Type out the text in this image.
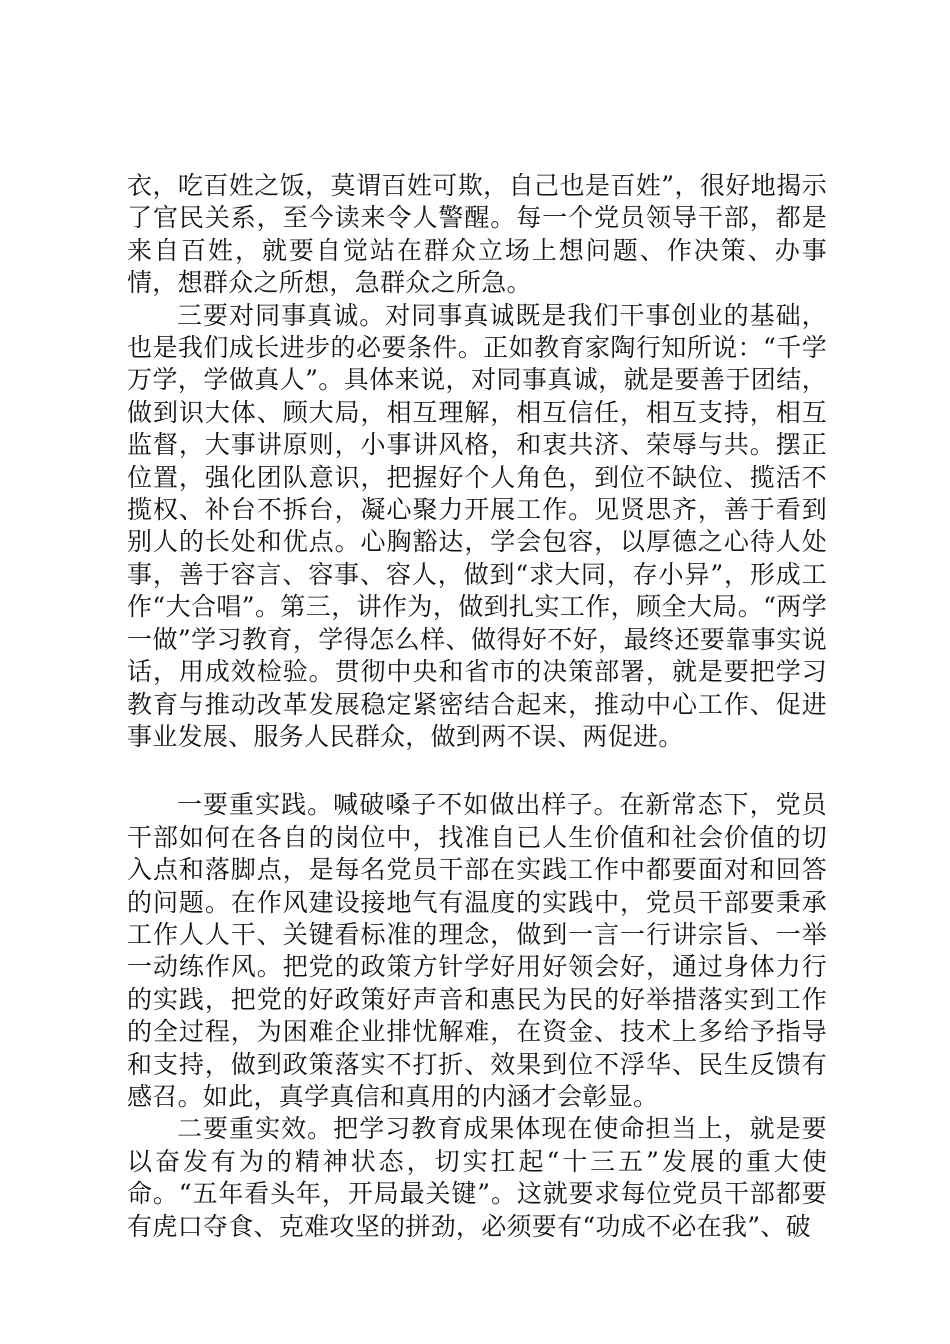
衣，吃百姓之饭，莫谓百姓可欺，自己也是百姓”，很好地揭示了官民关系，至今读来令人警醒。每一个党员领导干部，都是来自百姓，就要自觉站在群众立场上想问题、作决策、办事情，想群众之所想，急群众之所急。

三要对同事真诚。对同事真诚既是我们干事创业的基础，也是我们成长进步的必要条件。正如教育家陶行知所说：“千学万学，学做真人”。具体来说，对同事真诚，就是要善于团结，做到识大体、顾大局，相互理解，相互信任，相互支持，相互监督，大事讲原则，小事讲风格，和衷共济、荣辱与共。摆正位置，强化团队意识，把握好个人角色，到位不缺位、揽活不揽权、补台不拆台，凝心聚力开展工作。见贤思齐，善于看到别人的长处和优点。心胸豁达，学会包容，以厚德之心待人处事，善于容言、容事、容人，做到“求大同，存小异”，形成工作“大合唱”。第三，讲作为，做到扎实工作，顾全大局。“两学一做”学习教育，学得怎么样、做得好不好，最终还要靠事实说话，用成效检验。贯彻中央和省市的决策部署，就是要把学习教育与推动改革发展稳定紧密结合起来，推动中心工作、促进事业发展、服务人民群众，做到两不误、两促进。

一要重实践。喊破嗓子不如做出样子。在新常态下，党员干部如何在各自的岗位中，找准自已人生价值和社会价值的切入点和落脚点，是每名党员干部在实践工作中都要面对和回答的问题。在作风建设接地气有温度的实践中，党员干部要秉承工作人人干、关键看标准的理念，做到一言一行讲宗旨、一举一动练作风。把党的政策方针学好用好领会好，通过身体力行的实践，把党的好政策好声音和惠民为民的好举措落实到工作的全过程，为困难企业排忧解难，在资金、技术上多给予指导和支持，做到政策落实不打折、效果到位不浮华、民生反馈有感召。如此，真学真信和真用的内涵才会彰显。

二要重实效。把学习教育成果体现在使命担当上，就是要以奋发有为的精神状态，切实扛起“十三五”发展的重大使命。“五年看头年，开局最关键”。这就要求每位党员干部都要有虎口夺食、克难攻坚的拼劲，必须要有“功成不必在我”、破
